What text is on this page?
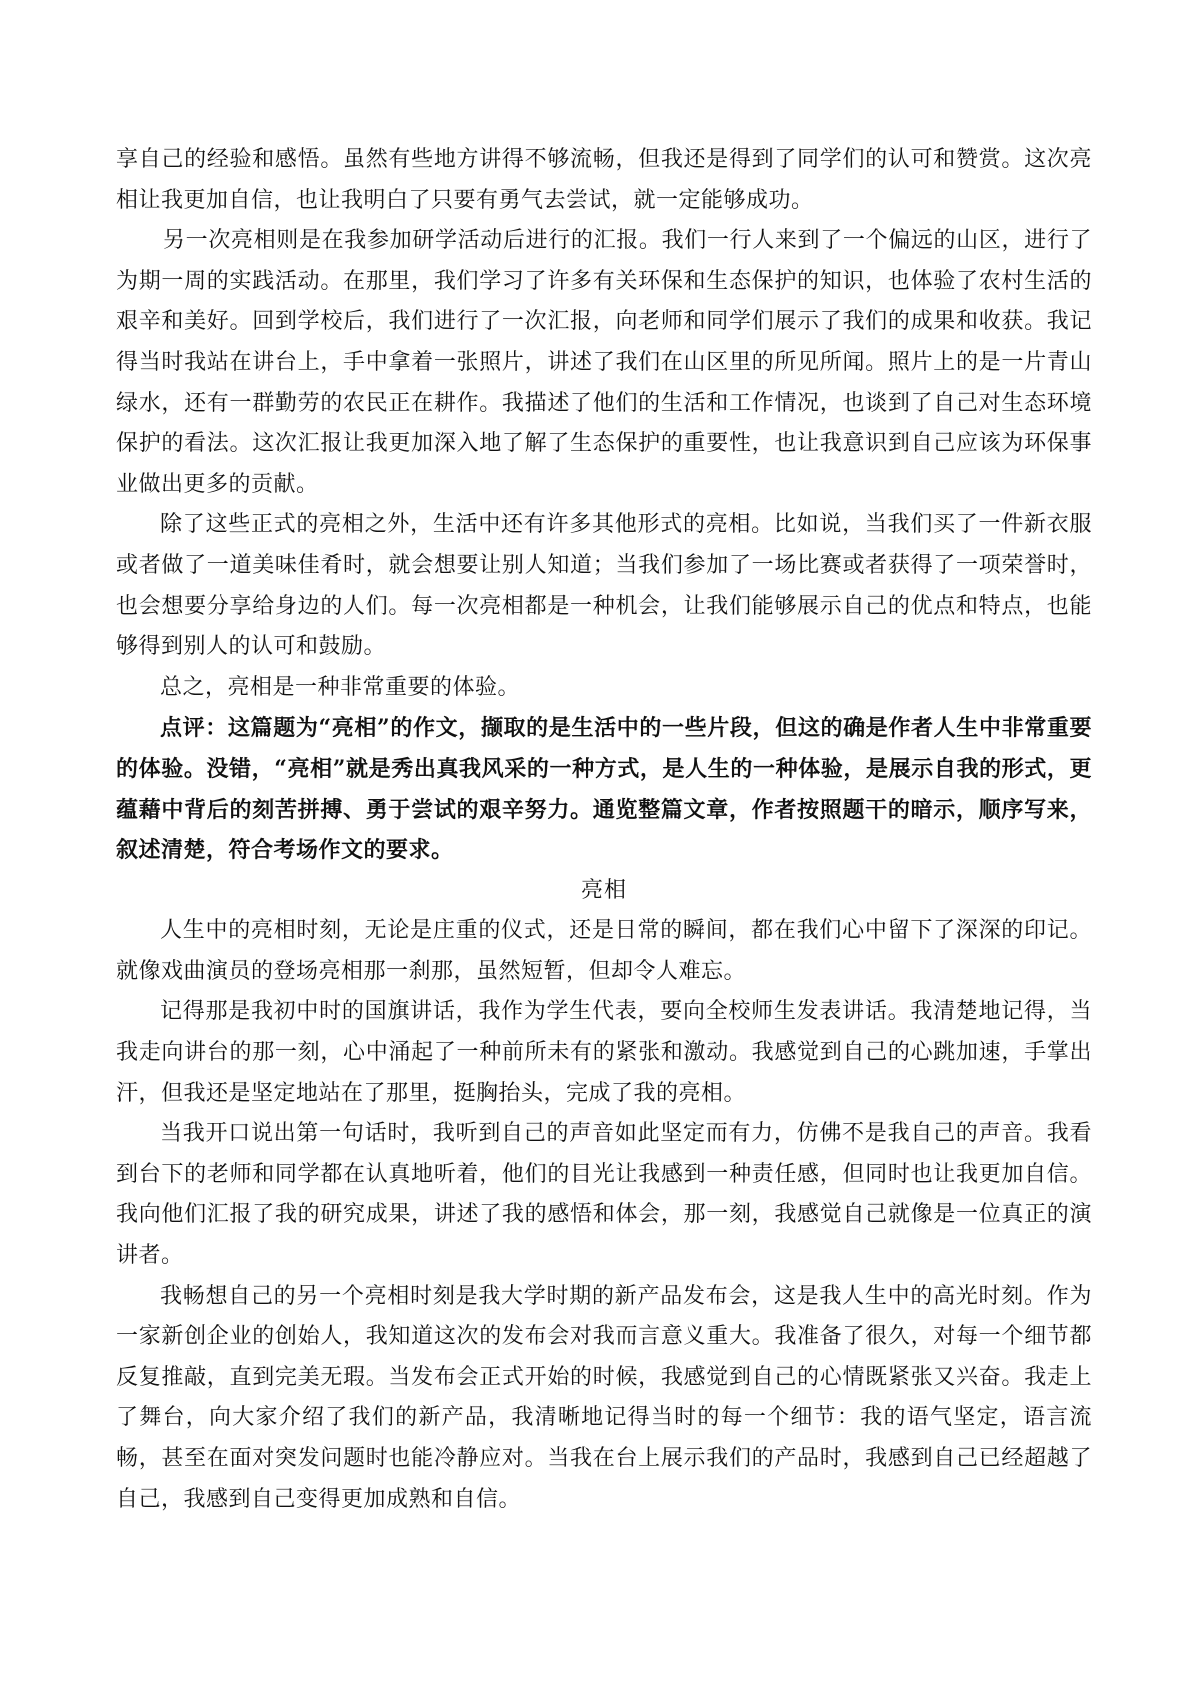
享自己的经验和感悟。虽然有些地方讲得不够流畅，但我还是得到了同学们的认可和赞赏。这次亮相让我更加自信，也让我明白了只要有勇气去尝试，就一定能够成功。

另一次亮相则是在我参加研学活动后进行的汇报。我们一行人来到了一个偏远的山区，进行了为期一周的实践活动。在那里，我们学习了许多有关环保和生态保护的知识，也体验了农村生活的艰辛和美好。回到学校后，我们进行了一次汇报，向老师和同学们展示了我们的成果和收获。我记得当时我站在讲台上，手中拿着一张照片，讲述了我们在山区里的所见所闻。照片上的是一片青山绿水，还有一群勤劳的农民正在耕作。我描述了他们的生活和工作情况，也谈到了自己对生态环境保护的看法。这次汇报让我更加深入地了解了生态保护的重要性，也让我意识到自己应该为环保事业做出更多的贡献。

除了这些正式的亮相之外，生活中还有许多其他形式的亮相。比如说，当我们买了一件新衣服或者做了一道美味佳肴时，就会想要让别人知道；当我们参加了一场比赛或者获得了一项荣誉时，也会想要分享给身边的人们。每一次亮相都是一种机会，让我们能够展示自己的优点和特点，也能够得到别人的认可和鼓励。

总之，亮相是一种非常重要的体验。

点评：这篇题为“亮相”的作文，撷取的是生活中的一些片段，但这的确是作者人生中非常重要的体验。没错，“亮相”就是秀出真我风采的一种方式，是人生的一种体验，是展示自我的形式，更蕴藉中背后的刻苦拼搏、勇于尝试的艰辛努力。通览整篇文章，作者按照题干的暗示，顺序写来，叙述清楚，符合考场作文的要求。

亮相

人生中的亮相时刻，无论是庄重的仪式，还是日常的瞬间，都在我们心中留下了深深的印记。就像戏曲演员的登场亮相那一刹那，虽然短暂，但却令人难忘。

记得那是我初中时的国旗讲话，我作为学生代表，要向全校师生发表讲话。我清楚地记得，当我走向讲台的那一刻，心中涌起了一种前所未有的紧张和激动。我感觉到自己的心跳加速，手掌出汗，但我还是坚定地站在了那里，挺胸抬头，完成了我的亮相。

当我开口说出第一句话时，我听到自己的声音如此坚定而有力，仿佛不是我自己的声音。我看到台下的老师和同学都在认真地听着，他们的目光让我感到一种责任感，但同时也让我更加自信。我向他们汇报了我的研究成果，讲述了我的感悟和体会，那一刻，我感觉自己就像是一位真正的演讲者。

我畅想自己的另一个亮相时刻是我大学时期的新产品发布会，这是我人生中的高光时刻。作为一家新创企业的创始人，我知道这次的发布会对我而言意义重大。我准备了很久，对每一个细节都反复推敲，直到完美无瑕。当发布会正式开始的时候，我感觉到自己的心情既紧张又兴奋。我走上了舞台，向大家介绍了我们的新产品，我清晰地记得当时的每一个细节：我的语气坚定，语言流畅，甚至在面对突发问题时也能冷静应对。当我在台上展示我们的产品时，我感到自己已经超越了自己，我感到自己变得更加成熟和自信。
